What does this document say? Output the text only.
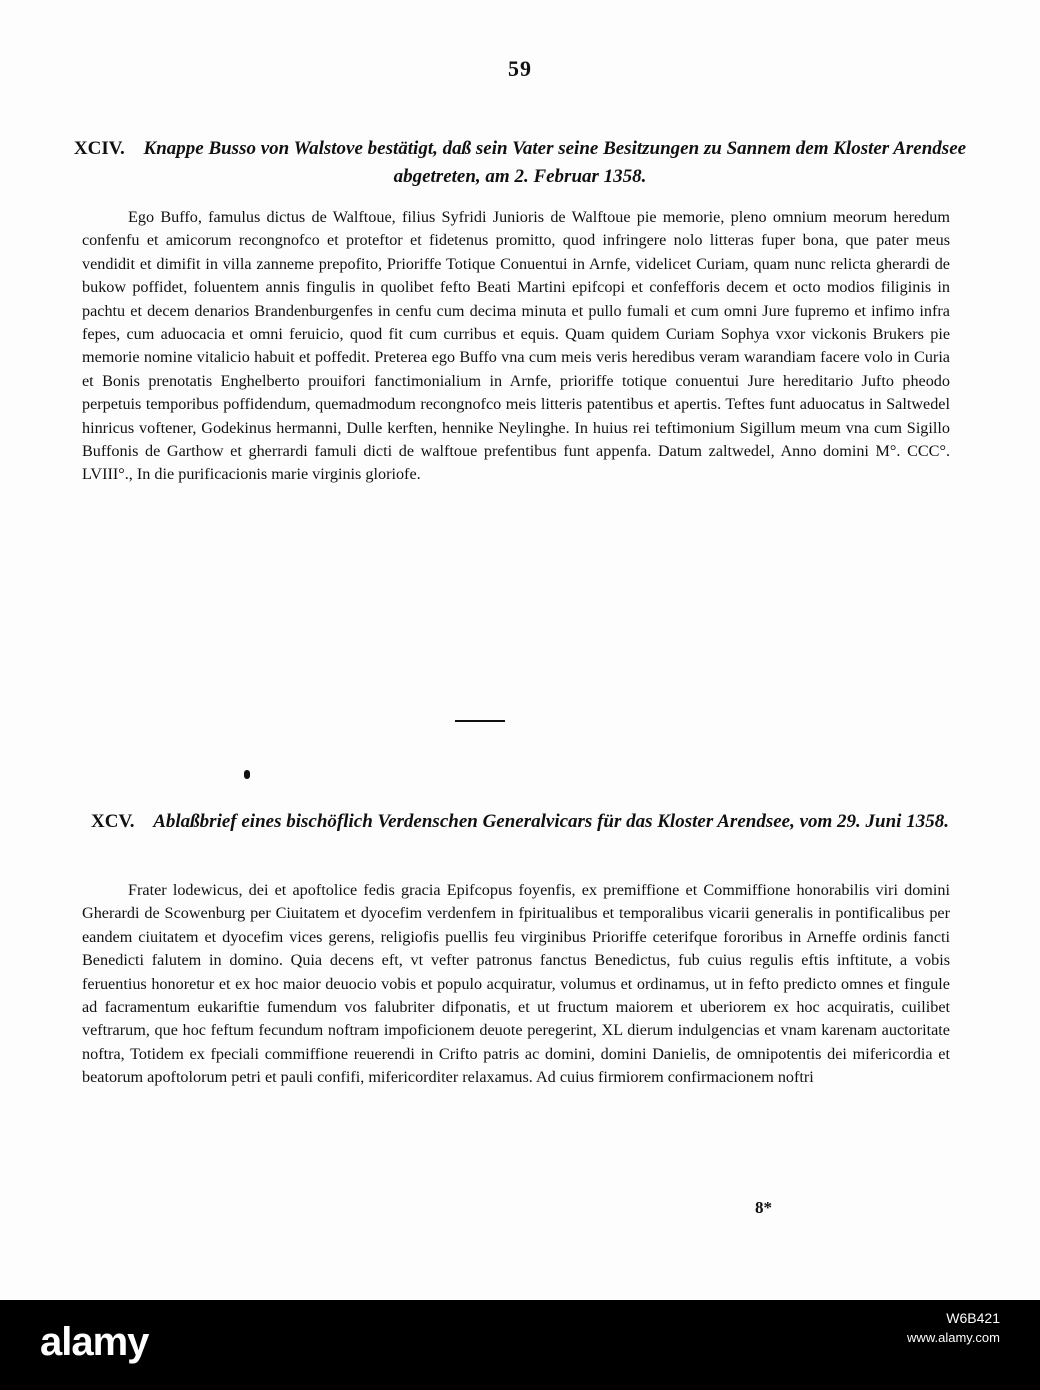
59
XCIV. Knappe Busso von Walstove bestätigt, daß sein Vater seine Besitzungen zu Sannem dem Kloster Arendsee abgetreten, am 2. Februar 1358.

Ego Buffo, famulus dictus de Walftoue, filius Syfridi Junioris de Walftoue pie memorie, pleno omnium meorum heredum confenfu et amicorum recongnofco et proteftor et fidetenus promitto, quod infringere nolo litteras fuper bona, que pater meus vendidit et dimifit in villa zanneme prepofito, Prioriffe Totique Conuentui in Arnfe, videlicet Curiam, quam nunc relicta gherardi de bukow poffidet, foluentem annis fingulis in quolibet fefto Beati Martini epifcopi et confefforis decem et octo modios filiginis in pachtu et decem denarios Brandenburgenfes in cenfu cum decima minuta et pullo fumali et cum omni Jure fupremo et infimo infra fepes, cum aduocacia et omni feruicio, quod fit cum curribus et equis. Quam quidem Curiam Sophya vxor vickonis Brukers pie memorie nomine vitalicio habuit et poffedit. Preterea ego Buffo vna cum meis veris heredibus veram warandiam facere volo in Curia et Bonis prenotatis Enghelberto prouifori fanctimonialium in Arnfe, prioriffe totique conuentui Jure hereditario Jufto pheodo perpetuis temporibus poffidendum, quemadmodum recongnofco meis litteris patentibus et apertis. Teftes funt aduocatus in Saltwedel hinricus voftener, Godekinus hermanni, Dulle kerften, hennike Neylinghe. In huius rei teftimonium Sigillum meum vna cum Sigillo Buffonis de Garthow et gherrardi famuli dicti de walftoue prefentibus funt appenfa. Datum zaltwedel, Anno domini M°. CCC°. LVIII°., In die purificacionis marie virginis gloriofe.

XCV. Ablaßbrief eines bischöflich Verdenschen Generalvicars für das Kloster Arendsee, vom 29. Juni 1358.

Frater lodewicus, dei et apoftolice fedis gracia Epifcopus foyenfis, ex premiffione et Commiffione honorabilis viri domini Gherardi de Scowenburg per Ciuitatem et dyocefim verdenfem in fpiritualibus et temporalibus vicarii generalis in pontificalibus per eandem ciuitatem et dyocefim vices gerens, religiofis puellis feu virginibus Prioriffe ceterifque fororibus in Arneffe ordinis fancti Benedicti falutem in domino. Quia decens eft, vt vefter patronus fanctus Benedictus, fub cuius regulis eftis inftitute, a vobis feruentius honoretur et ex hoc maior deuocio vobis et populo acquiratur, volumus et ordinamus, ut in fefto predicto omnes et fingule ad facramentum eukariftie fumendum vos falubriter difponatis, et ut fructum maiorem et uberiorem ex hoc acquiratis, cuilibet veftrarum, que hoc feftum fecundum noftram impoficionem deuote peregerint, XL dierum indulgencias et vnam karenam auctoritate noftra, Totidem ex fpeciali commiffione reuerendi in Crifto patris ac domini, domini Danielis, de omnipotentis dei mifericordia et beatorum apoftolorum petri et pauli confifi, mifericorditer relaxamus. Ad cuius firmiorem confirmacionem noftri

8*
alamy
W6B421
www.alamy.com
